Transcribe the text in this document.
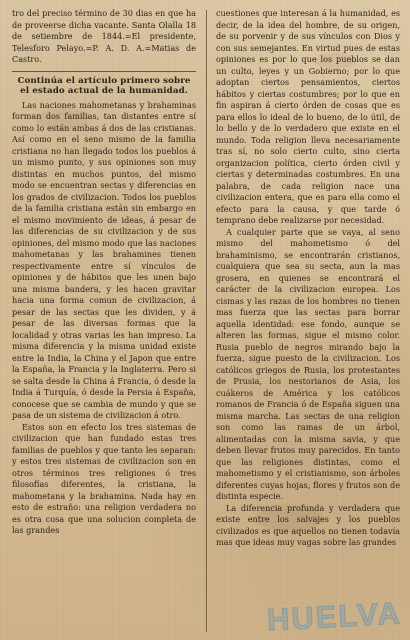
tro del preciso término de 30 dias en que ha de proveerse dicha vacante. Santa Olalla 18 de setiembre de 1844.=El presidente, Telesforo Pelayo.=P. A. D. A.=Matias de Castro.

Continúa el artículo primero sobre
el estado actual de la humanidad.

Las naciones mahometanas y brahaminas forman dos familias, tan distantes entre sí como lo están ambas á dos de las cristianas. Así como en el seno mismo de la familia cristiana no han llegado todos los pueblos á un mismo punto, y sus opiniones son muy distintas en muchos puntos, del mismo modo se encuentran sectas y diferencias en los grados de civilizacion. Todos los pueblos de la familia cristiana están sin embargo en el mismo movimiento de ideas, á pesar de las diferencias de su civilizacion y de sus opiniones, del mismo modo que las naciones mahometanas y las brahamines tienen respectivamente entre sí vínculos de opiniones y de hábitos que les unen bajo una misma bandera, y les hacen gravitar hacia una forma comun de civilizacion, á pesar de las sectas que les dividen, y á pesar de las diversas formas que la localidad y otras varias les han impreso. La misma diferencia y la misma unidad existe entre la India, la China y el Japon que entre la España, la Francia y la Inglaterra. Pero si se salta desde la China á Francia, ó desde la India á Turquía, ó desde la Persia á España, conocese que se cambia de mundo y que se pasa de un sistema de civilizacion á otro.

Estos son en efecto los tres sistemas de civilizacion que han fundado estas tres familias de pueblos y que tanto les separan: y estos tres sistemas de civilizacion son en otros términos tres religiones ó tres filosofías diferentes, la cristiana, la mahometana y la brahamina. Nada hay en esto de estraño: una religion verdadera no es otra cosa que una solucion completa de las grandes

cuestiones que interesan á la humanidad, es decir, de la idea del hombre, de su origen, de su porvenir y de sus vínculos con Dios y con sus semejantes. En virtud pues de estas opiniones es por lo que los pueblos se dan un culto, leyes y un Gobierno; por lo que adoptan ciertos pensamientos, ciertos hábitos y ciertas costumbres; por lo que en fin aspiran á cierto órden de cosas que es para ellos lo ideal de lo bueno, de lo útil, de lo bello y de lo verdadero que existe en el mundo. Toda religion lleva necesariamente tras sí, no solo cierto culto, sino cierta organizacion política, cierto órden civil y ciertas y determinadas costumbres. En una palabra, de cada religion nace una civilizacion entera, que es para ella como el efecto para la causa, y que tarde ó temprano debe realizarse por necesidad.

A cualquier parte que se vaya, al seno mismo del mahometismo ó del brahaminismo, se encontrarán cristianos, cualquiera que sea su secta, aun la mas grosera, en quienes se encontrará el carácter de la civilizacion europea. Los cismas y las razas de los hombres no tienen mas fuerza que las sectas para borrar aquella identidad: ese fondo, aunque se alteren las formas, sigue el mismo color. Rusia pueblo de negros mirando bajo la fuerza, sigue puesto de la civilizacion. Los católicos griegos de Rusia, los protestantes de Prusia, los nestorianos de Asia, los cuákeros de América y los católicos romanos de Francia ó de España siguen una misma marcha. Las sectas de una religion son como las ramas de un árbol, alimentadas con la misma savia, y que deben llevar frutos muy parecidos. En tanto que las religiones distintas, como el mahometismo y el cristianismo, son árboles diferentes cuyas hojas, flores y frutos son de distinta especie.

La diferencia profunda y verdadera que existe entre los salvajes y los pueblos civilizados es que aquellos no tienen todavía mas que ideas muy vagas sobre las grandes

HUELVA
